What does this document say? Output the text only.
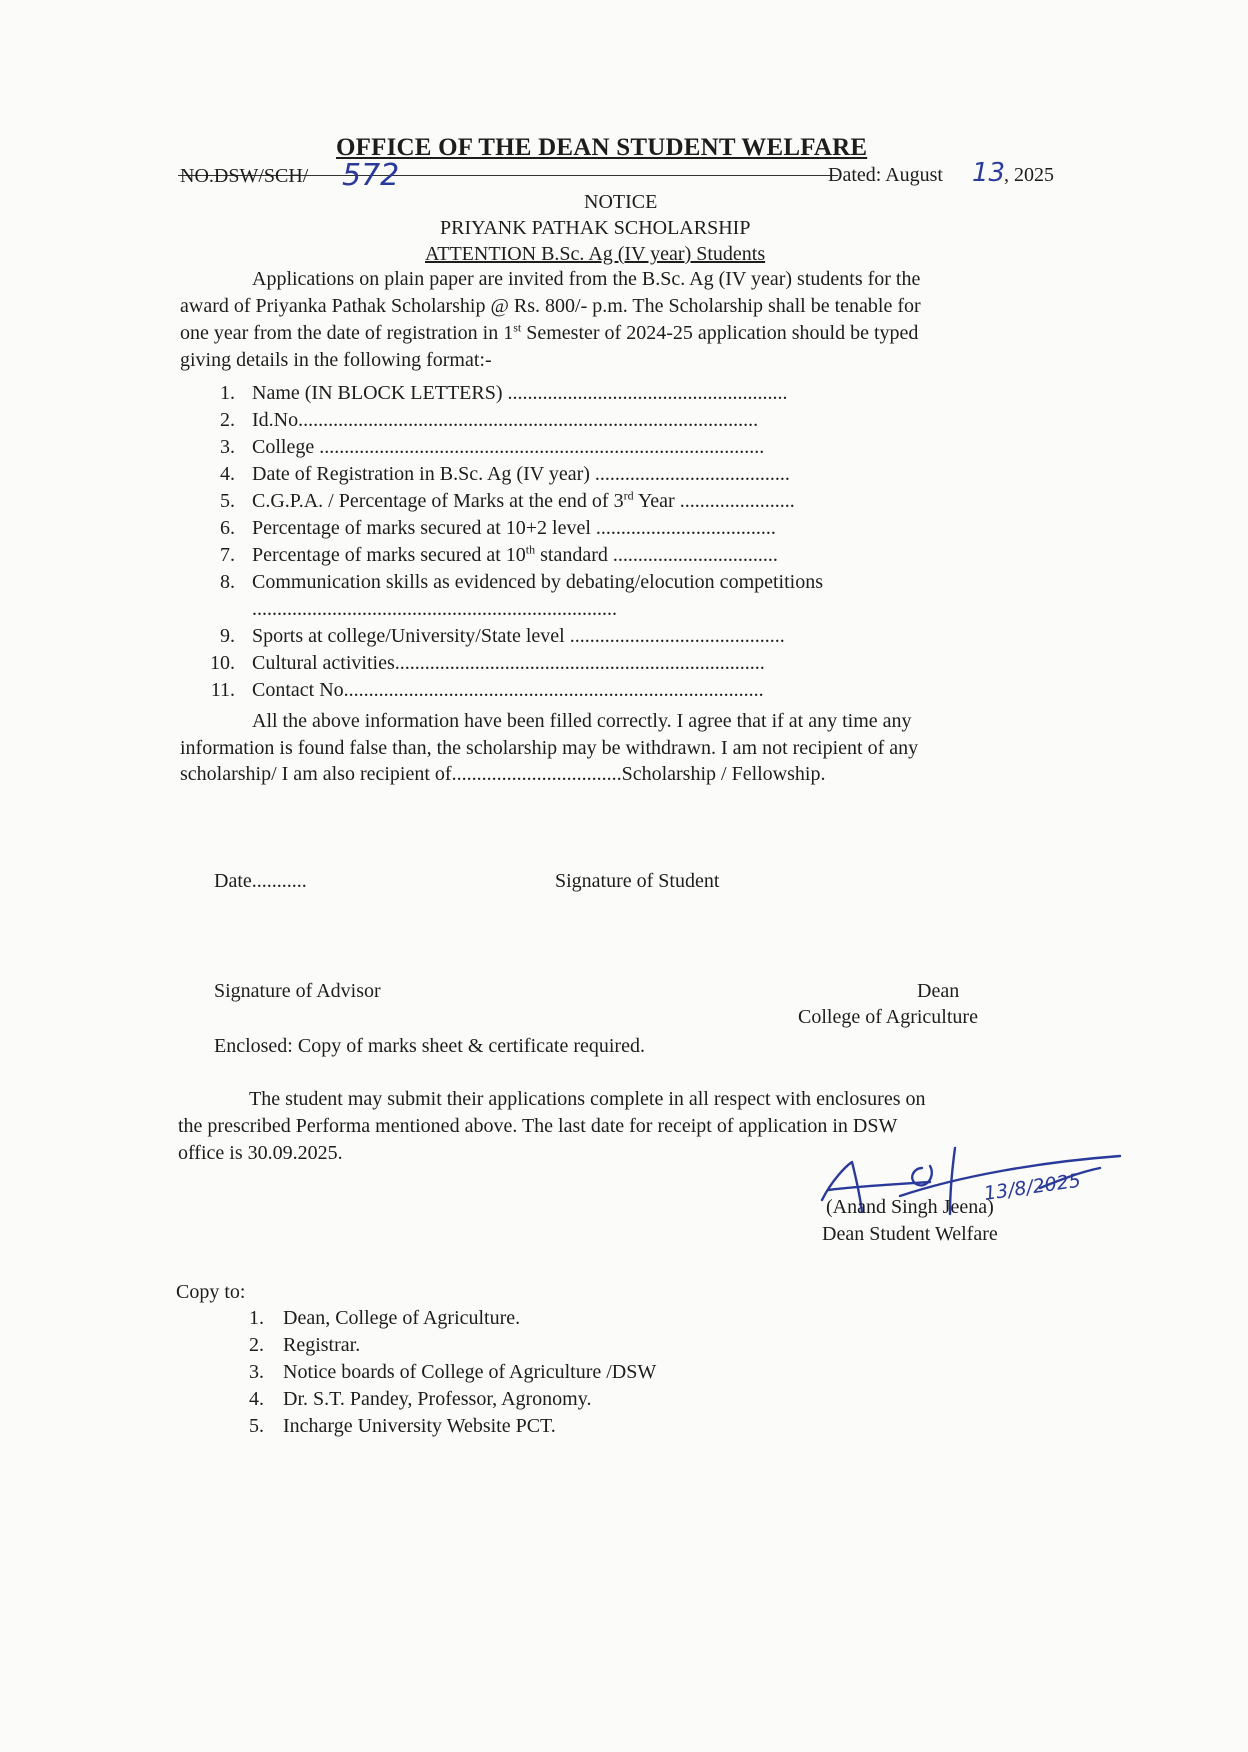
OFFICE OF THE DEAN STUDENT WELFARE
NO.DSW/SCH/ 572	Dated: August 13
, 2025
NOTICE
PRIYANK PATHAK SCHOLARSHIP
ATTENTION B.Sc. Ag (IV year) Students
Applications on plain paper are invited from the B.Sc. Ag (IV year) students for the
award of Priyanka Pathak Scholarship @ Rs. 800/- p.m. The Scholarship shall be tenable for
one year from the date of registration in 1st Semester of 2024-25 application should be typed
giving details in the following format:-
1. Name (IN BLOCK LETTERS) ........................................................
2. Id.No............................................................................................
3. College .........................................................................................
4. Date of Registration in B.Sc. Ag (IV year) .......................................
5. C.G.P.A. / Percentage of Marks at the end of 3rd Year .......................
6. Percentage of marks secured at 10+2 level ....................................
7. Percentage of marks secured at 10th standard .................................
8. Communication skills as evidenced by debating/elocution competitions
.........................................................................
9. Sports at college/University/State level ...........................................
10. Cultural activities..........................................................................
11. Contact No....................................................................................
All the above information have been filled correctly. I agree that if at any time any
information is found false than, the scholarship may be withdrawn. I am not recipient of any
scholarship/ I am also recipient of..................................Scholarship / Fellowship.
Date...........	Signature of Student
Signature of Advisor	Dean
College of Agriculture
Enclosed: Copy of marks sheet & certificate required.
The student may submit their applications complete in all respect with enclosures on
the prescribed Performa mentioned above. The last date for receipt of application in DSW
office is 30.09.2025.
13/8/2025
(Anand Singh Jeena)
Dean Student Welfare
Copy to:
1. Dean, College of Agriculture.
2. Registrar.
3. Notice boards of College of Agriculture /DSW
4. Dr. S.T. Pandey, Professor, Agronomy.
5. Incharge University Website PCT.
